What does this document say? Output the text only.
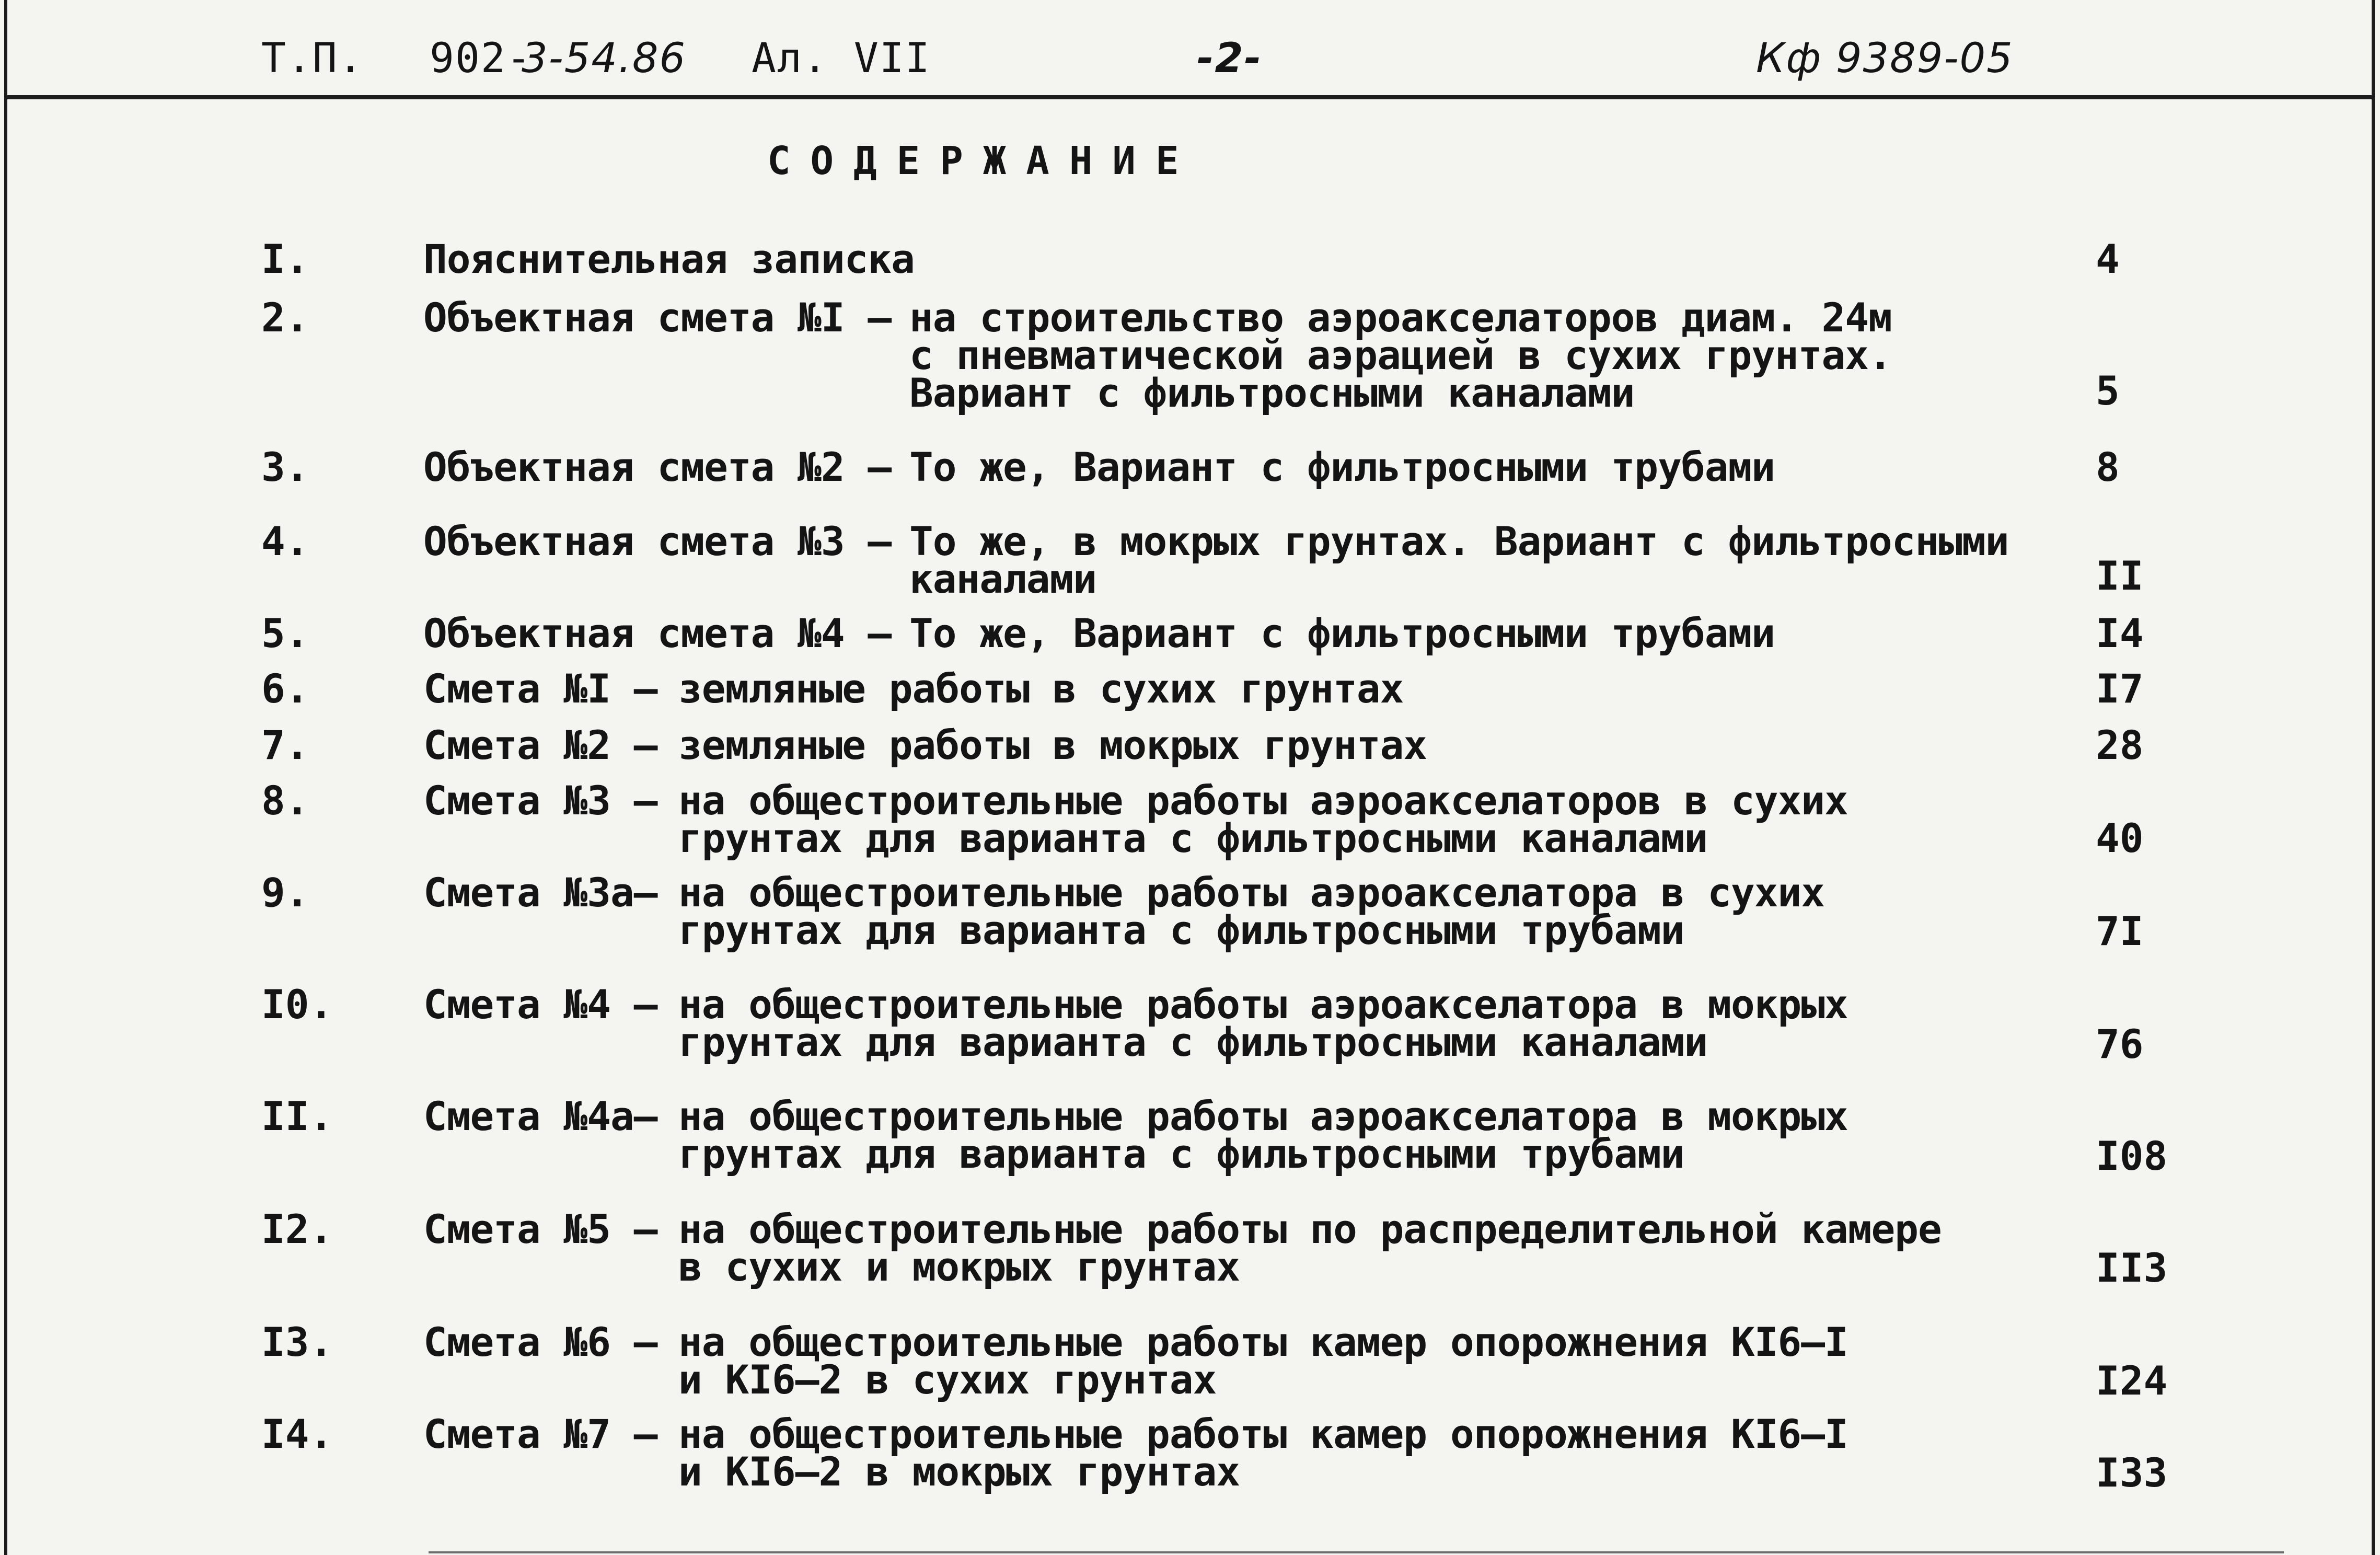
Т.П. 902-
3-54.86 Ал. VII	-2-	Кф 9389-05
СОДЕРЖАНИЕ
I.	Пояснительная записка	4
2.	Объектная смета №I – на строительство аэроакселаторов диам. 24м
с пневматической аэрацией в сухих грунтах.
Вариант с фильтросными каналами	5
3.	Объектная смета №2 – То же, Вариант с фильтросными трубами	8
4.	Объектная смета №3 – То же, в мокрых грунтах. Вариант с фильтросными
каналами	II
5.	Объектная смета №4 – То же, Вариант с фильтросными трубами	I4
6.	Смета №I – земляные работы в сухих грунтах	I7
7.	Смета №2 – земляные работы в мокрых грунтах	28
8.	Смета №3 – на общестроительные работы аэроакселаторов в сухих
грунтах для варианта с фильтросными каналами	40
9.	Смета №3а– на общестроительные работы аэроакселатора в сухих
грунтах для варианта с фильтросными трубами	7I
I0. Смета №4 – на общестроительные работы аэроакселатора в мокрых
грунтах для варианта с фильтросными каналами	76
II. Смета №4а– на общестроительные работы аэроакселатора в мокрых
грунтах для варианта с фильтросными трубами	I08
I2. Смета №5 – на общестроительные работы по распределительной камере
в сухих и мокрых грунтах	II3
I3. Смета №6 – на общестроительные работы камер опорожнения КI6–I
и КI6–2 в сухих грунтах	I24
I4. Смета №7 – на общестроительные работы камер опорожнения КI6–I
и КI6–2 в мокрых грунтах	I33
